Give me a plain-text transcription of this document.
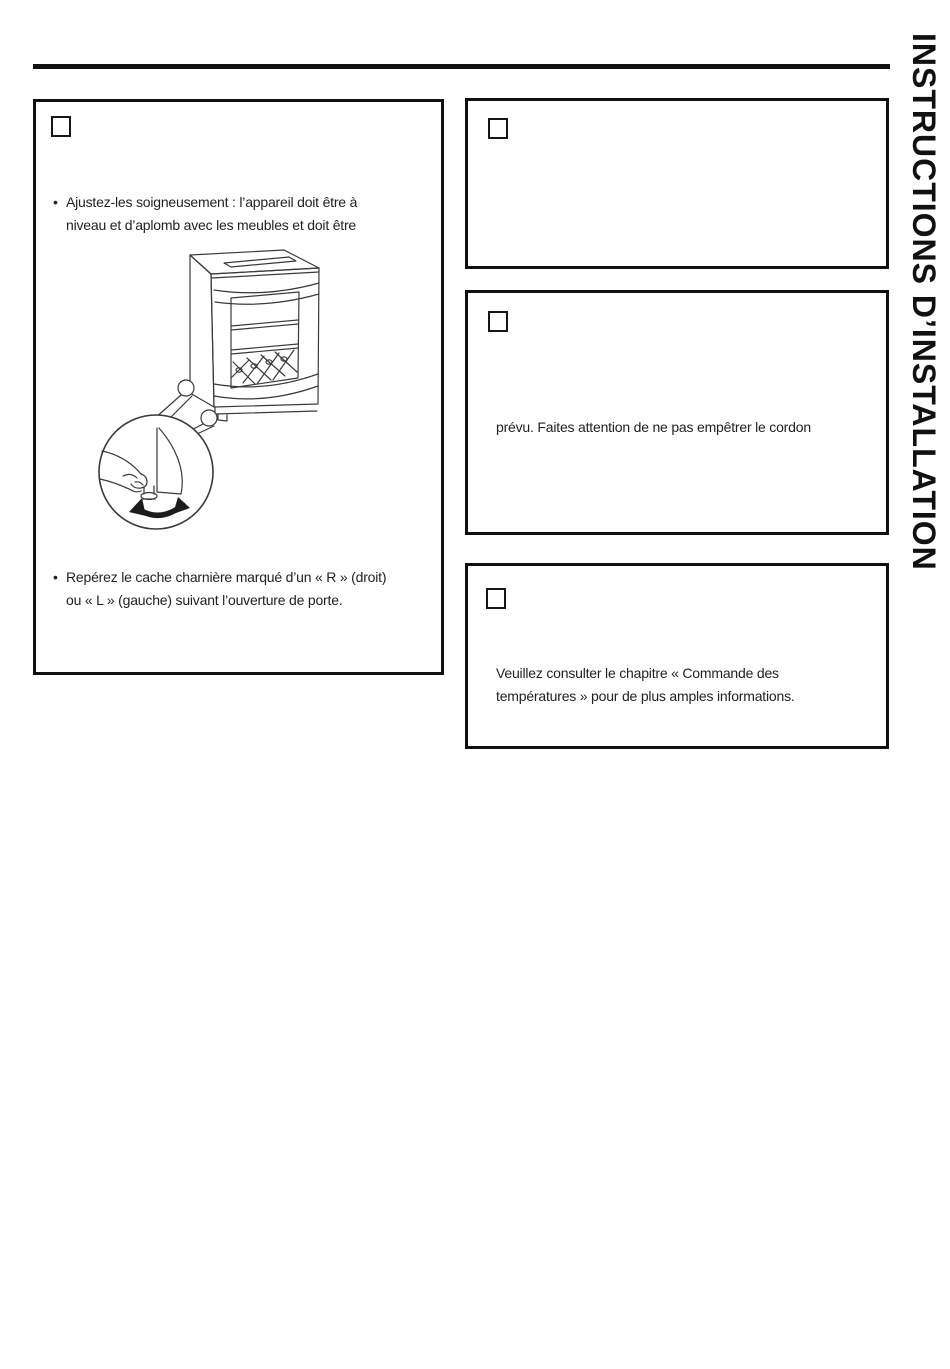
INSTRUCTIONS D’INSTALLATION
• Ajustez-les soigneusement : l’appareil doit être à
niveau et d’aplomb avec les meubles et doit être
• Repérez le cache charnière marqué d’un « R » (droit)
ou « L » (gauche) suivant l’ouverture de porte.
prévu. Faites attention de ne pas empêtrer le cordon
Veuillez consulter le chapitre « Commande des
températures » pour de plus amples informations.
